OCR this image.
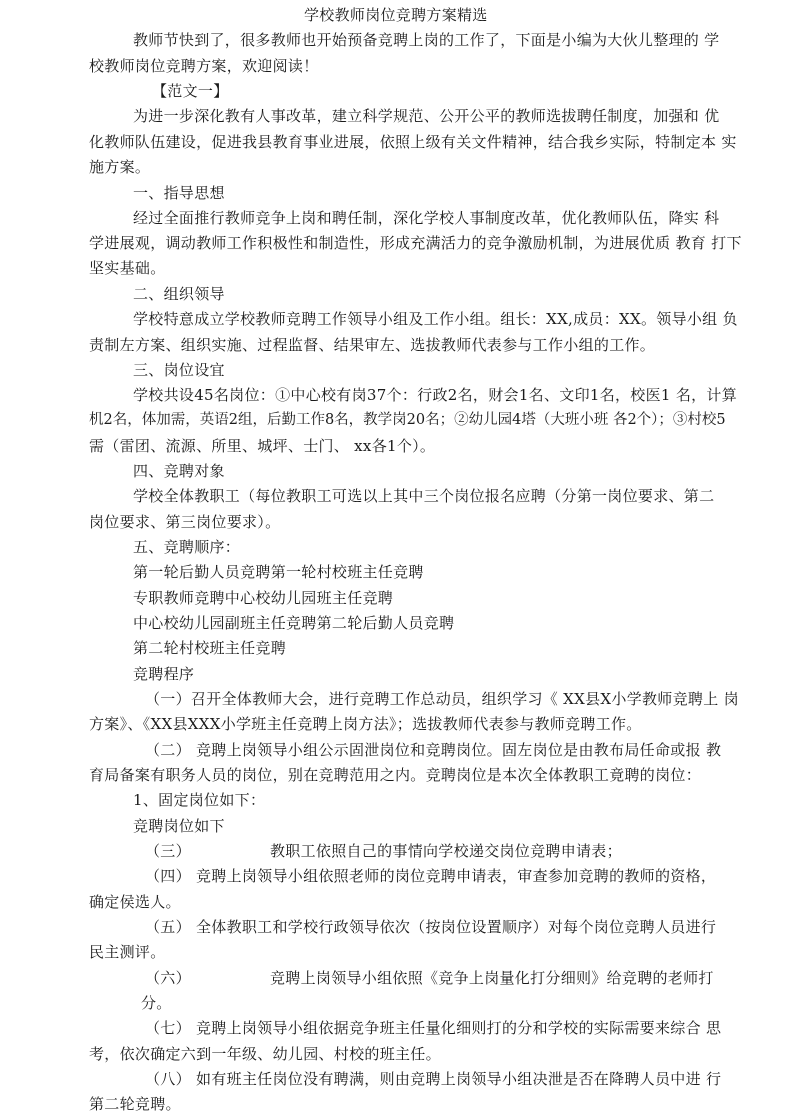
学校教师岗位竞聘方案精选
教师节快到了，很多教师也开始预备竞聘上岗的工作了，下面是小编为大伙儿整理的 学
校教师岗位竞聘方案，欢迎阅读！
【范文一】
为进一步深化教有人事改革，建立科学规范、公开公平的教师选拔聘任制度，加强和 优
化教师队伍建设，促进我县教育事业进展，依照上级有关文件精神，结合我乡实际，特制定本 实
施方案。
一、指导思想
经过全面推行教师竞争上岗和聘任制，深化学校人事制度改革，优化教师队伍，降实 科
学进展观，调动教师工作积极性和制造性，形成充满活力的竞争激励机制，为进展优质 教育 打下
坚实基础。
二、组织领导
学校特意成立学校教师竞聘工作领导小组及工作小组。组长：XX,成员：XX。领导小组 负
责制左方案、组织实施、过程监督、结果审左、选拔教师代表参与工作小组的工作。
三、岗位设宜
学校共设45名岗位：①中心校有岗37个：行政2名，财会1名、文印1名，校医1 名，计算
机2名，体加需，英语2组，后勤工作8名，教学岗20名；②幼儿园4塔（大班小班 各2个）；③村校5
需（雷团、流源、所里、城坪、士门、 xx各1个）。
四、竞聘对象
学校全体教职工（每位教职工可选以上其中三个岗位报名应聘（分第一岗位要求、第二
岗位要求、第三岗位要求）。
五、竞聘顺序：
第一轮后勤人员竞聘第一轮村校班主任竞聘
专职教师竞聘中心校幼儿园班主任竞聘
中心校幼儿园副班主任竞聘第二轮后勤人员竞聘
第二轮村校班主任竞聘
竞聘程序
（一）召开全体教师大会，进行竞聘工作总动员，组织学习《 XX县X小学教师竞聘上 岗
方案》、《XX县XXX小学班主任竞聘上岗方法》；选拔教师代表参与教师竞聘工作。
（二） 竞聘上岗领导小组公示固泄岗位和竞聘岗位。固左岗位是由教布局任命或报 教
育局备案有职务人员的岗位，别在竞聘范用之内。竞聘岗位是本次全体教职工竟聘的岗位：
1、固定岗位如下：
竞聘岗位如下
（三）	教职工依照自己的事情向学校递交岗位竞聘申请表；
（四） 竞聘上岗领导小组依照老师的岗位竞聘申请表，审查参加竞聘的教师的资格，
确定侯选人。
（五） 全体教职工和学校行政领导依次（按岗位设置顺序）对每个岗位竞聘人员进行
民主测评。
（六）	竞聘上岗领导小组依照《竞争上岗量化打分细则》给竞聘的老师打
分。
（七） 竞聘上岗领导小组依据竞争班主任量化细则打的分和学校的实际需要来综合 思
考，依次确定六到一年级、幼儿园、村校的班主任。
（八） 如有班主任岗位没有聘满，则由竞聘上岗领导小组决泄是否在降聘人员中进 行
第二轮竞聘。
